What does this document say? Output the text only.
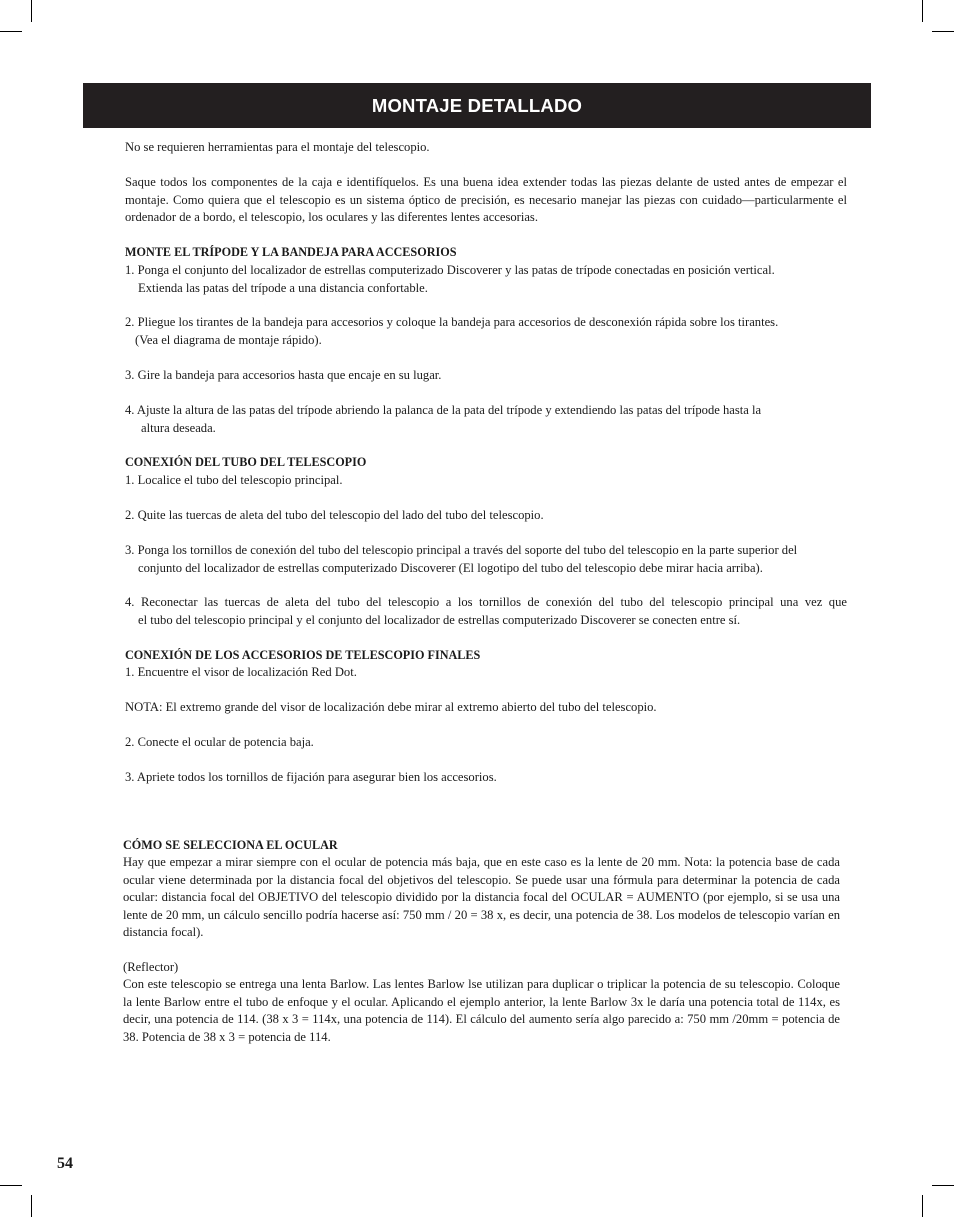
MONTAJE DETALLADO
No se requieren herramientas para el montaje del telescopio.
Saque todos los componentes de la caja e identifíquelos. Es una buena idea extender todas las piezas delante de usted antes de empezar el montaje. Como quiera que el telescopio es un sistema óptico de precisión, es necesario manejar las piezas con cuidado—particularmente el ordenador de a bordo, el telescopio, los oculares y las diferentes lentes accesorias.
MONTE EL TRÍPODE Y LA BANDEJA PARA ACCESORIOS
1. Ponga el conjunto del localizador de estrellas computerizado Discoverer y las patas de trípode conectadas en posición vertical.
Extienda las patas del trípode a una distancia confortable.
2. Pliegue los tirantes de la bandeja para accesorios y coloque la bandeja para accesorios de desconexión rápida sobre los tirantes.
(Vea el diagrama de montaje rápido).
3. Gire la bandeja para accesorios hasta que encaje en su lugar.
4. Ajuste la altura de las patas del trípode abriendo la palanca de la pata del trípode y extendiendo las patas del trípode hasta la
altura deseada.
CONEXIÓN DEL TUBO DEL TELESCOPIO
1. Localice el tubo del telescopio principal.
2. Quite las tuercas de aleta del tubo del telescopio del lado del tubo del telescopio.
3. Ponga los tornillos de conexión del tubo del telescopio principal a través del soporte del tubo del telescopio en la parte superior del
conjunto del localizador de estrellas computerizado Discoverer (El logotipo del tubo del telescopio debe mirar hacia arriba).
4. Reconectar las tuercas de aleta del tubo del telescopio a los tornillos de conexión del tubo del telescopio principal una vez que
el tubo del telescopio principal y el conjunto del localizador de estrellas computerizado Discoverer se conecten entre sí.
CONEXIÓN DE LOS ACCESORIOS DE TELESCOPIO FINALES
1. Encuentre el visor de localización Red Dot.
NOTA: El extremo grande del visor de localización debe mirar al extremo abierto del tubo del telescopio.
2. Conecte el ocular de potencia baja.
3. Apriete todos los tornillos de fijación para asegurar bien los accesorios.
CÓMO SE SELECCIONA EL OCULAR
Hay que empezar a mirar siempre con el ocular de potencia más baja, que en este caso es la lente de 20 mm. Nota: la potencia base de cada ocular viene determinada por la distancia focal del objetivos del telescopio. Se puede usar una fórmula para determinar la potencia de cada ocular: distancia focal del OBJETIVO del telescopio dividido por la distancia focal del OCULAR = AUMENTO (por ejemplo, si se usa una lente de 20 mm, un cálculo sencillo podría hacerse así: 750 mm / 20 = 38 x, es decir, una potencia de 38. Los modelos de telescopio varían en distancia focal).
(Reflector)
Con este telescopio se entrega una lenta Barlow. Las lentes Barlow lse utilizan para duplicar o triplicar la potencia de su telescopio. Coloque la lente Barlow entre el tubo de enfoque y el ocular. Aplicando el ejemplo anterior, la lente Barlow 3x le daría una potencia total de 114x, es decir, una potencia de 114. (38 x 3 = 114x, una potencia de 114). El cálculo del aumento sería algo parecido a: 750 mm /20mm = potencia de 38. Potencia de 38 x 3 = potencia de 114.
54
